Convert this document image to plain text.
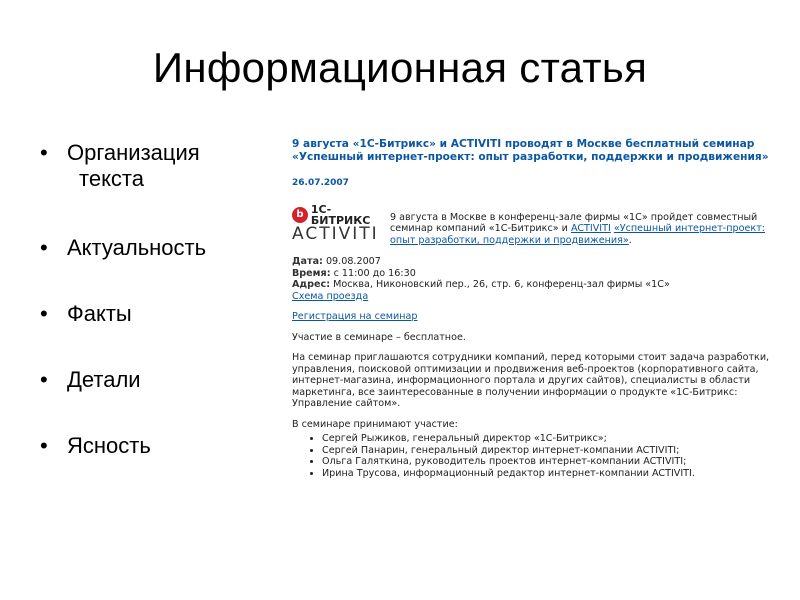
Информационная статья
• Организация
текста
• Актуальность
• Факты
• Детали
• Ясность

9 августа «1С-Битрикс» и ACTIVITI проводят в Москве бесплатный семинар «Успешный интернет-проект: опыт разработки, поддержки и продвижения»

26.07.2007
b 1С-БИТРИКС
ACTIVITI
9 августа в Москве в конференц-зале фирмы «1С» пройдет совместный семинар компаний «1С-Битрикс» и ACTIVITI «Успешный интернет-проект: опыт разработки, поддержки и продвижения».
Дата: 09.08.2007
Время: с 11:00 до 16:30
Адрес: Москва, Никоновский пер., 26, стр. 6, конференц-зал фирмы «1С»
Схема проезда
Регистрация на семинар
Участие в семинаре – бесплатное.
На семинар приглашаются сотрудники компаний, перед которыми стоит задача разработки, управления, поисковой оптимизации и продвижения веб-проектов (корпоративного сайта, интернет-магазина, информационного портала и других сайтов), специалисты в области маркетинга, все заинтересованные в получении информации о продукте «1С-Битрикс: Управление сайтом».
В семинаре принимают участие:
• Сергей Рыжиков, генеральный директор «1С-Битрикс»;
• Сергей Панарин, генеральный директор интернет-компании ACTIVITI;
• Ольга Галяткина, руководитель проектов интернет-компании ACTIVITI;
• Ирина Трусова, информационный редактор интернет-компании ACTIVITI.
